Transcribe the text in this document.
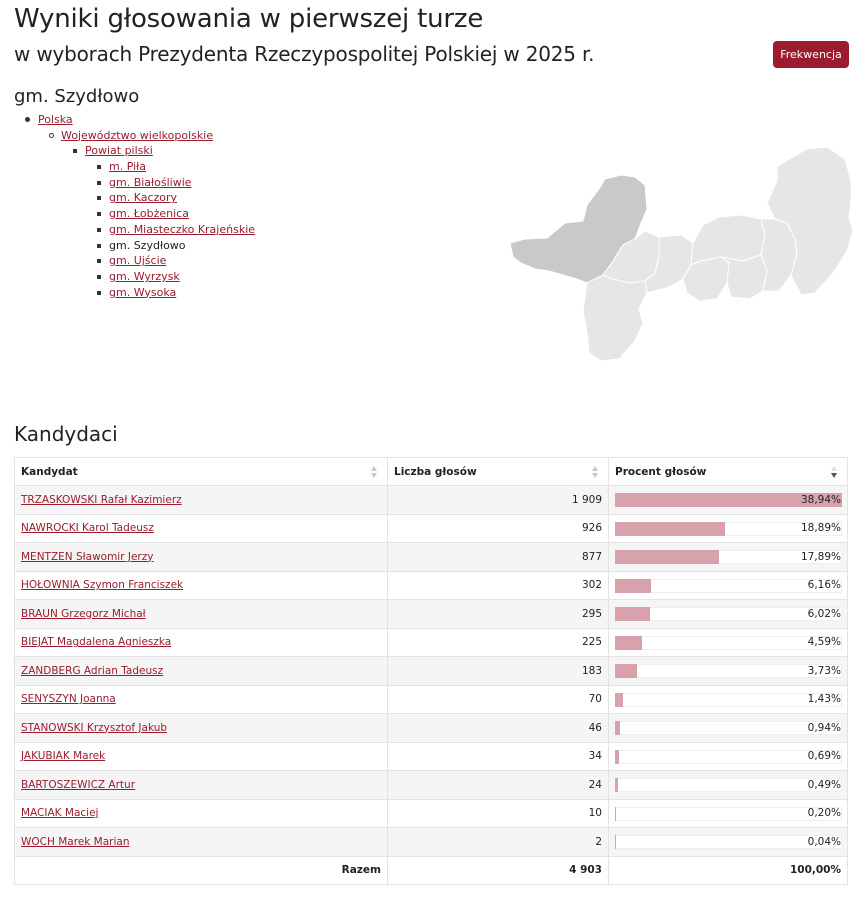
Wyniki głosowania w pierwszej turze
w wyborach Prezydenta Rzeczypospolitej Polskiej w 2025 r.	Frekwencja
gm. Szydłowo
Polska
Województwo wielkopolskie
Powiat pilski
m. Piła
gm. Białośliwie
gm. Kaczory
gm. Łobżenica
gm. Miasteczko Krajeńskie
gm. Szydłowo
gm. Ujście
gm. Wyrzysk
gm. Wysoka
Kandydaci
Kandydat	Liczba głosów	Procent głosów

TRZASKOWSKI Rafał Kazimierz	1 909	38,94%

NAWROCKI Karol Tadeusz	926	18,89%

MENTZEN Sławomir Jerzy	877	17,89%

HOŁOWNIA Szymon Franciszek	302	6,16%

BRAUN Grzegorz Michał	295	6,02%

BIEJAT Magdalena Agnieszka	225	4,59%

ZANDBERG Adrian Tadeusz	183	3,73%

SENYSZYN Joanna	70	1,43%

STANOWSKI Krzysztof Jakub	46	0,94%

JAKUBIAK Marek	34	0,69%

BARTOSZEWICZ Artur	24	0,49%

MACIAK Maciej	10	0,20%

WOCH Marek Marian	2	0,04%

Razem	4 903	100,00%
